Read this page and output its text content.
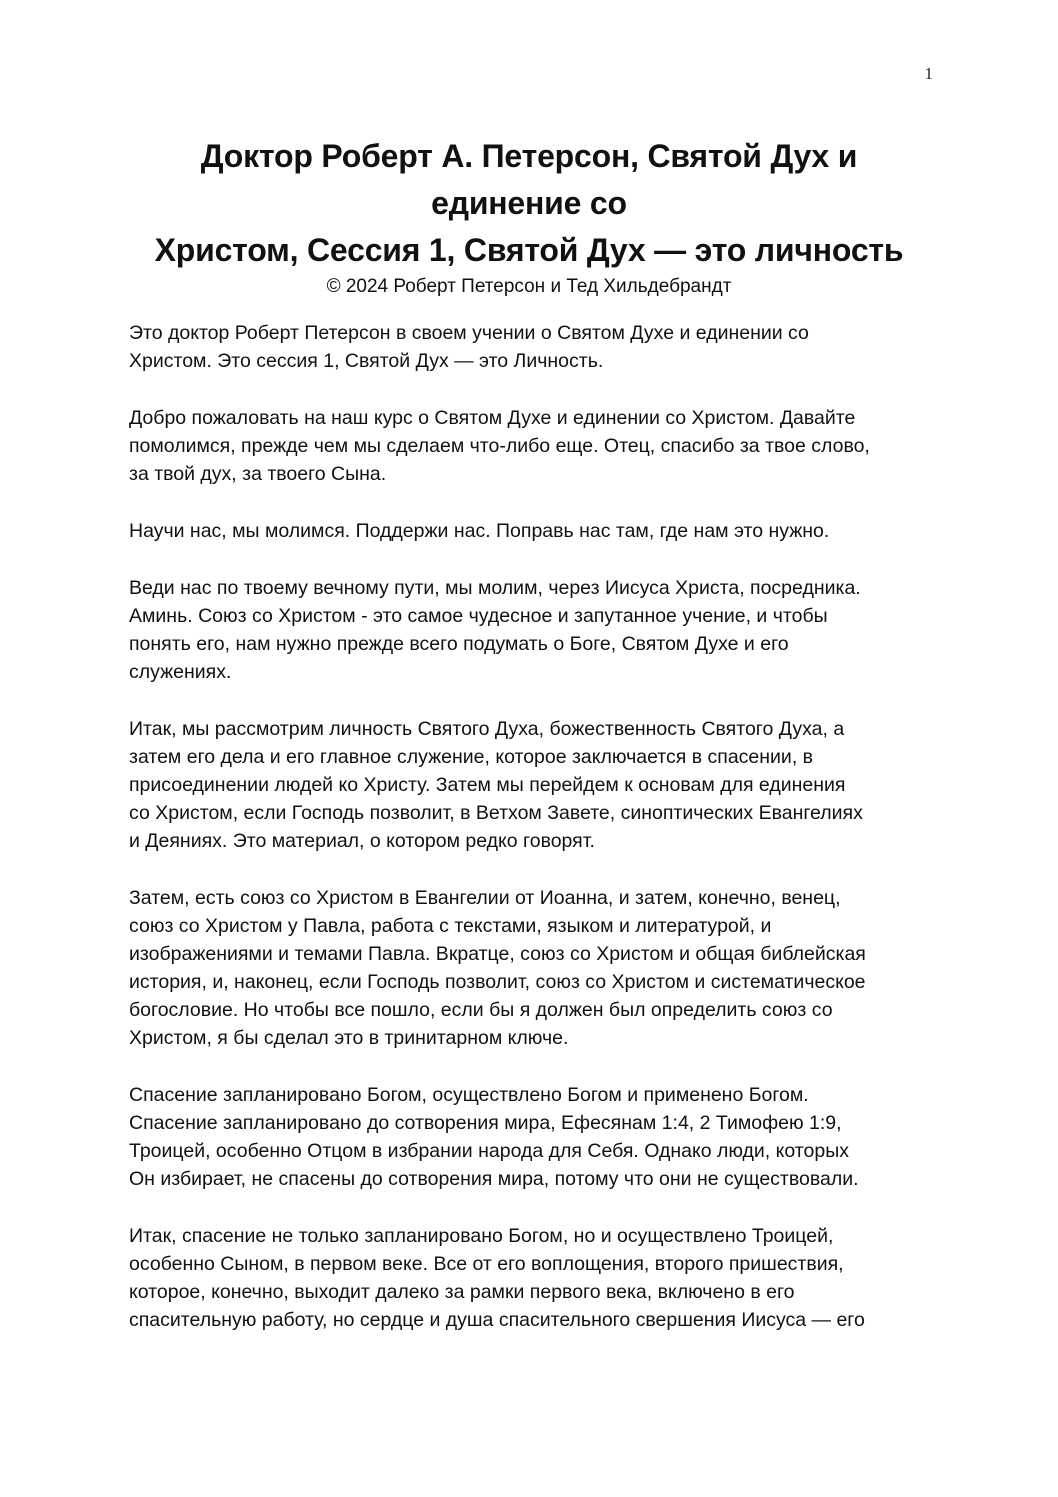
1
Доктор Роберт А. Петерсон, Святой Дух и
единение со
Христом, Сессия 1, Святой Дух — это личность
© 2024 Роберт Петерсон и Тед Хильдебрандт

Это доктор Роберт Петерсон в своем учении о Святом Духе и единении со
Христом. Это сессия 1, Святой Дух — это Личность.

Добро пожаловать на наш курс о Святом Духе и единении со Христом. Давайте
помолимся, прежде чем мы сделаем что-либо еще. Отец, спасибо за твое слово,
за твой дух, за твоего Сына.

Научи нас, мы молимся. Поддержи нас. Поправь нас там, где нам это нужно.

Веди нас по твоему вечному пути, мы молим, через Иисуса Христа, посредника.
Аминь. Союз со Христом - это самое чудесное и запутанное учение, и чтобы
понять его, нам нужно прежде всего подумать о Боге, Святом Духе и его
служениях.

Итак, мы рассмотрим личность Святого Духа, божественность Святого Духа, а
затем его дела и его главное служение, которое заключается в спасении, в
присоединении людей ко Христу. Затем мы перейдем к основам для единения
со Христом, если Господь позволит, в Ветхом Завете, синоптических Евангелиях
и Деяниях. Это материал, о котором редко говорят.

Затем, есть союз со Христом в Евангелии от Иоанна, и затем, конечно, венец,
союз со Христом у Павла, работа с текстами, языком и литературой, и
изображениями и темами Павла. Вкратце, союз со Христом и общая библейская
история, и, наконец, если Господь позволит, союз со Христом и систематическое
богословие. Но чтобы все пошло, если бы я должен был определить союз со
Христом, я бы сделал это в тринитарном ключе.

Спасение запланировано Богом, осуществлено Богом и применено Богом.
Спасение запланировано до сотворения мира, Ефесянам 1:4, 2 Тимофею 1:9,
Троицей, особенно Отцом в избрании народа для Себя. Однако люди, которых
Он избирает, не спасены до сотворения мира, потому что они не существовали.

Итак, спасение не только запланировано Богом, но и осуществлено Троицей,
особенно Сыном, в первом веке. Все от его воплощения, второго пришествия,
которое, конечно, выходит далеко за рамки первого века, включено в его
спасительную работу, но сердце и душа спасительного свершения Иисуса — его
